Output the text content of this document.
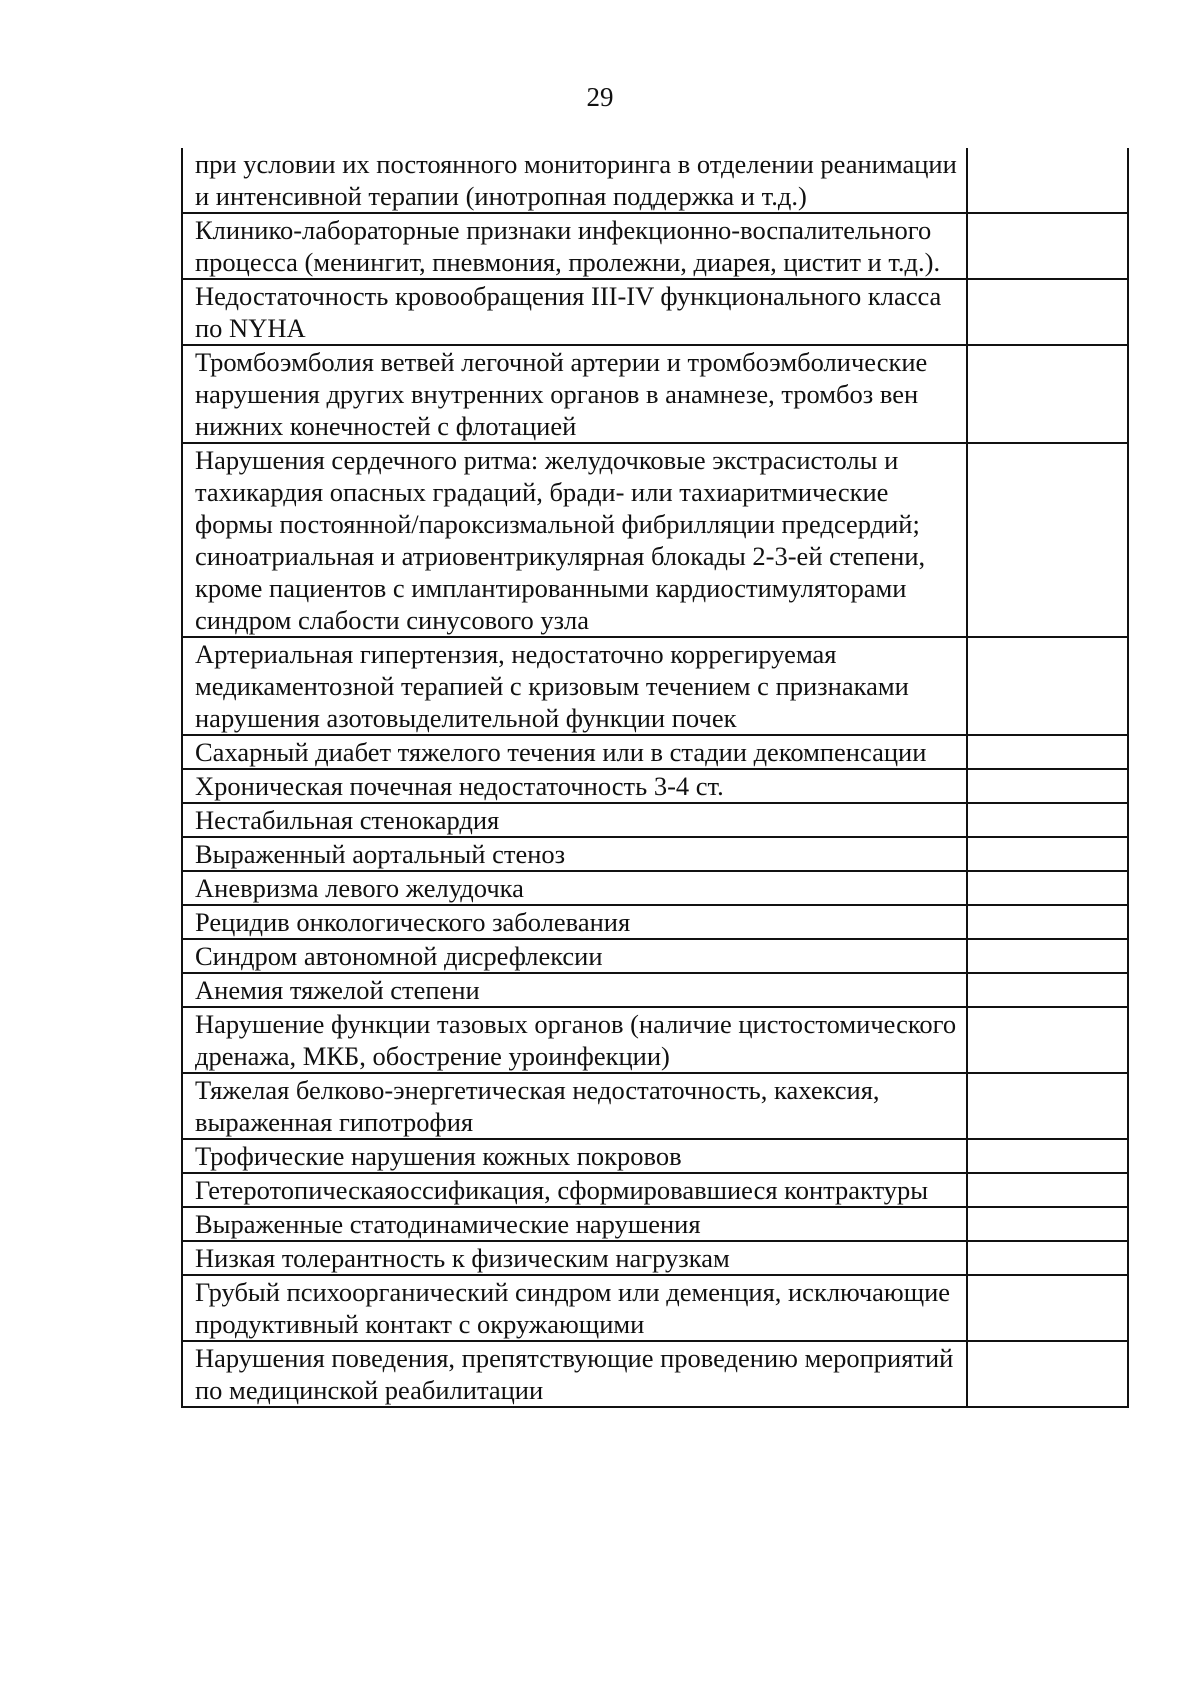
29
при условии их постоянного мониторинга в отделении реанимации и интенсивной терапии (инотропная поддержка и т.д.)	
Клинико-лабораторные признаки инфекционно-воспалительного процесса (менингит, пневмония, пролежни, диарея, цистит и т.д.).	
Недостаточность кровообращения III-IV функционального класса по NYHA	
Тромбоэмболия ветвей легочной артерии и тромбоэмболические нарушения других внутренних органов в анамнезе, тромбоз вен нижних конечностей с флотацией	
Нарушения сердечного ритма: желудочковые экстрасистолы и тахикардия опасных градаций, бради- или тахиаритмические формы постоянной/пароксизмальной фибрилляции предсердий; синоатриальная и атриовентрикулярная блокады 2-3-ей степени, кроме пациентов с имплантированными кардиостимуляторами синдром слабости синусового узла	
Артериальная гипертензия, недостаточно коррегируемая медикаментозной терапией с кризовым течением с признаками нарушения азотовыделительной функции почек	
Сахарный диабет тяжелого течения или в стадии декомпенсации	
Хроническая почечная недостаточность 3-4 ст.	
Нестабильная стенокардия	
Выраженный аортальный стеноз	
Аневризма левого желудочка	
Рецидив онкологического заболевания	
Синдром автономной дисрефлексии	
Анемия тяжелой степени	
Нарушение функции тазовых органов (наличие цистостомического дренажа, МКБ, обострение уроинфекции)	
Тяжелая белково-энергетическая недостаточность, кахексия, выраженная гипотрофия	
Трофические нарушения кожных покровов	
Гетеротопическаяоссификация, сформировавшиеся контрактуры	
Выраженные статодинамические нарушения	
Низкая толерантность к физическим нагрузкам	
Грубый психоорганический синдром или деменция, исключающие продуктивный контакт с окружающими	
Нарушения поведения, препятствующие проведению мероприятий по медицинской реабилитации	
